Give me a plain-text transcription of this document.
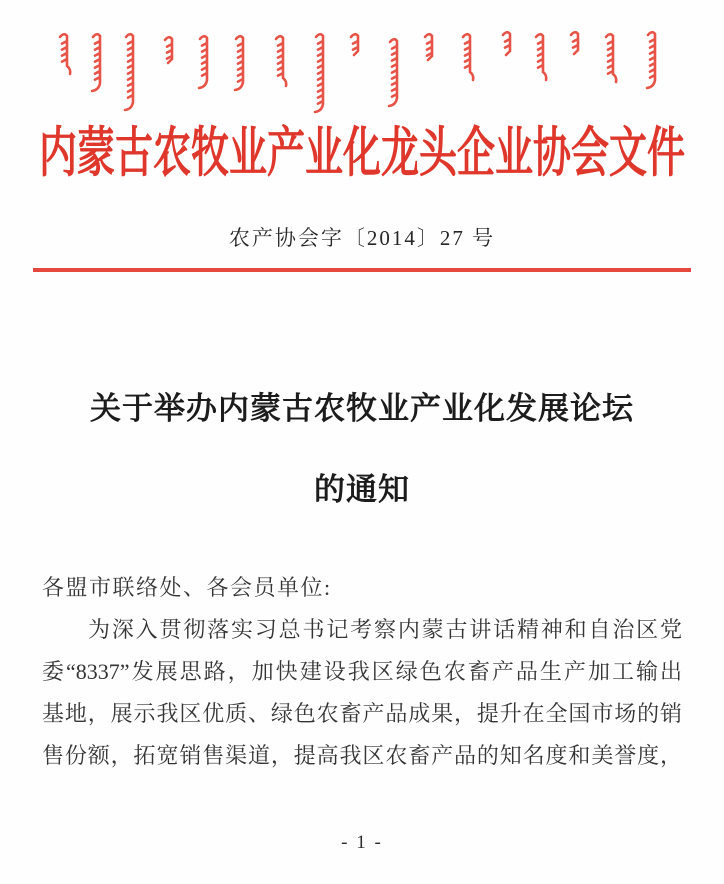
内蒙古农牧业产业化龙头企业协会文件
农产协会字〔2014〕27 号
关于举办内蒙古农牧业产业化发展论坛
的通知
各盟市联络处、各会员单位:
为深入贯彻落实习总书记考察内蒙古讲话精神和自治区党
委“8337”发展思路，加快建设我区绿色农畜产品生产加工输出
基地，展示我区优质、绿色农畜产品成果，提升在全国市场的销
售份额，拓宽销售渠道，提高我区农畜产品的知名度和美誉度，
- 1 -
